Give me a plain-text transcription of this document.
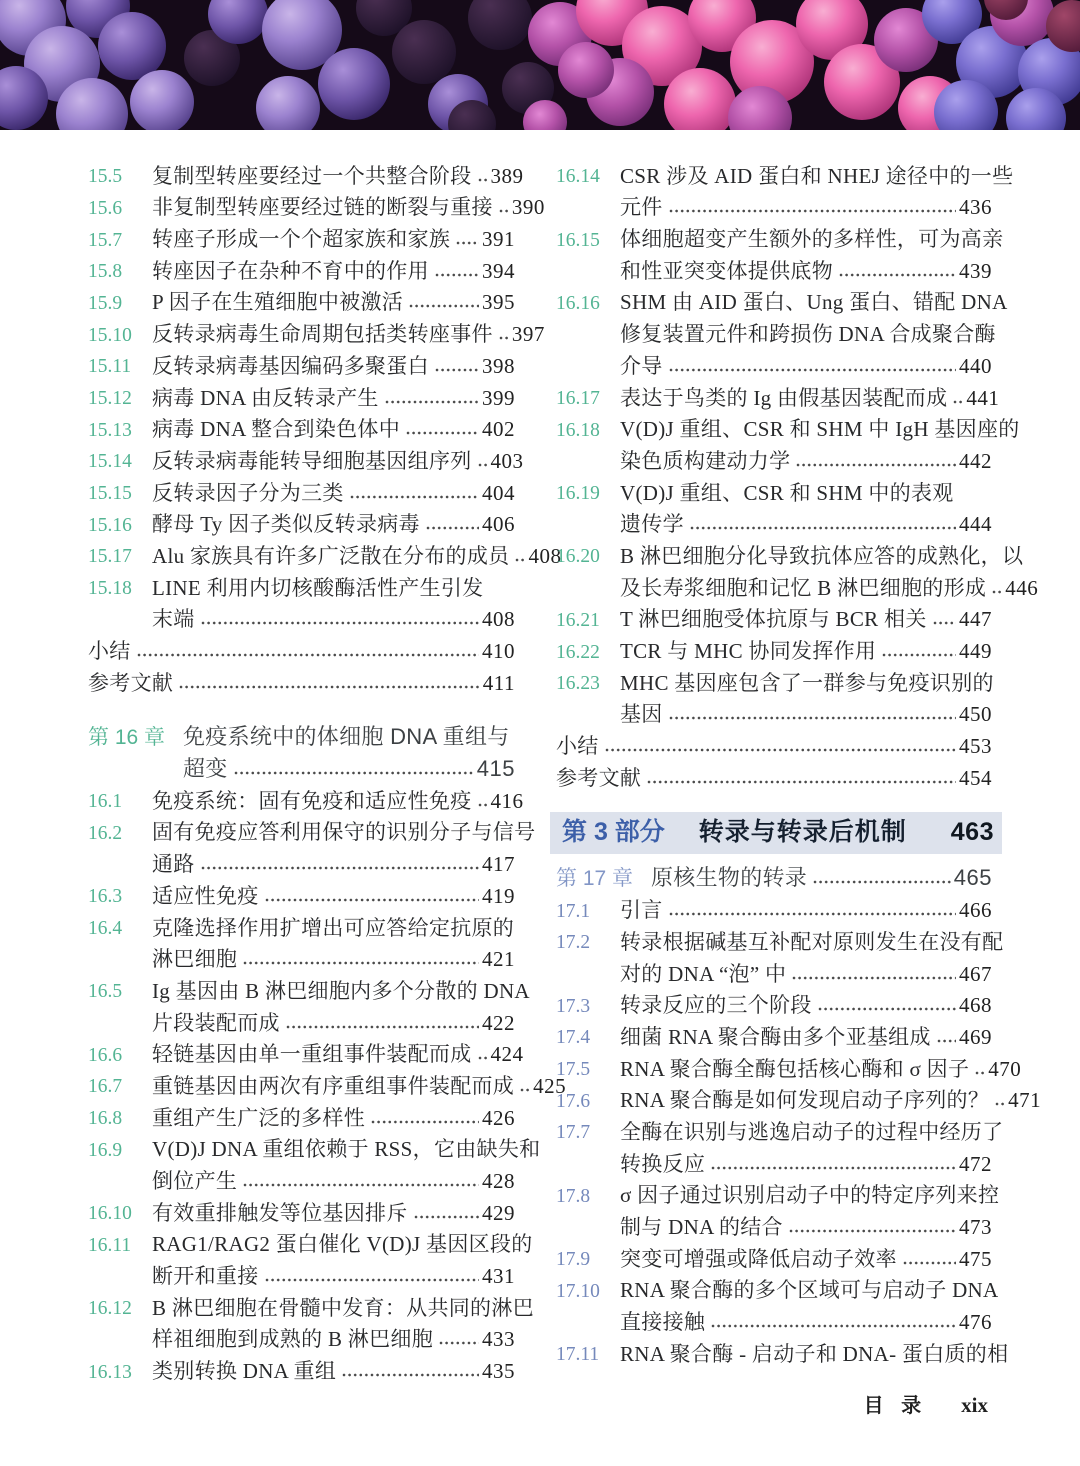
15.5	复制型转座要经过一个共整合阶段 389
15.6	非复制型转座要经过链的断裂与重接 390
15.7	转座子形成一个个超家族和家族 391
15.8	转座因子在杂种不育中的作用	394
15.9	P 因子在生殖细胞中被激活	395
15.10 反转录病毒生命周期包括类转座事件 397
15.11 反转录病毒基因编码多聚蛋白	398
15.12 病毒 DNA 由反转录产生	399
15.13 病毒 DNA 整合到染色体中	402
15.14 反转录病毒能转导细胞基因组序列 403
15.15 反转录因子分为三类	404
15.16 酵母 Ty 因子类似反转录病毒	406
15.17 Alu 家族具有许多广泛散在分布的成员 408
15.18 LINE 利用内切核酸酶活性产生引发
末端	408
小结	410
参考文献	411
第 16 章 免疫系统中的体细胞 DNA 重组与
超变	415
16.1	免疫系统：固有免疫和适应性免疫 416
16.2	固有免疫应答利用保守的识别分子与信号
通路	417
16.3	适应性免疫	419
16.4	克隆选择作用扩增出可应答给定抗原的
淋巴细胞	421
16.5	Ig 基因由 B 淋巴细胞内多个分散的 DNA
片段装配而成	422
16.6	轻链基因由单一重组事件装配而成 424
16.7	重链基因由两次有序重组事件装配而成 425
16.8	重组产生广泛的多样性	426
16.9	V(D)J DNA 重组依赖于 RSS，它由缺失和
倒位产生	428
16.10 有效重排触发等位基因排斥	429
16.11 RAG1/RAG2 蛋白催化 V(D)J 基因区段的
断开和重接	431
16.12 B 淋巴细胞在骨髓中发育：从共同的淋巴
样祖细胞到成熟的 B 淋巴细胞 433
16.13 类别转换 DNA 重组	435
16.14 CSR 涉及 AID 蛋白和 NHEJ 途径中的一些
元件	436
16.15 体细胞超变产生额外的多样性，可为高亲
和性亚突变体提供底物	439
16.16 SHM 由 AID 蛋白、Ung 蛋白、错配 DNA
修复装置元件和跨损伤 DNA 合成聚合酶
介导	440
16.17 表达于鸟类的 Ig 由假基因装配而成 441
16.18 V(D)J 重组、CSR 和 SHM 中 IgH 基因座的
染色质构建动力学	442
16.19 V(D)J 重组、CSR 和 SHM 中的表观
遗传学	444
16.20 B 淋巴细胞分化导致抗体应答的成熟化，以
及长寿浆细胞和记忆 B 淋巴细胞的形成 446
16.21 T 淋巴细胞受体抗原与 BCR 相关 447
16.22 TCR 与 MHC 协同发挥作用	449
16.23 MHC 基因座包含了一群参与免疫识别的
基因	450
小结	453
参考文献	454
第 3 部分 转录与转录后机制 463
第 17 章 原核生物的转录	465
17.1	引言	466
17.2	转录根据碱基互补配对原则发生在没有配
对的 DNA “泡” 中	467
17.3	转录反应的三个阶段	468
17.4	细菌 RNA 聚合酶由多个亚基组成 469
17.5	RNA 聚合酶全酶包括核心酶和 σ 因子 470
17.6	RNA 聚合酶是如何发现启动子序列的？ 471
17.7	全酶在识别与逃逸启动子的过程中经历了
转换反应	472
17.8	σ 因子通过识别启动子中的特定序列来控
制与 DNA 的结合	473
17.9	突变可增强或降低启动子效率	475
17.10 RNA 聚合酶的多个区域可与启动子 DNA
直接接触	476
17.11 RNA 聚合酶 - 启动子和 DNA- 蛋白质的相
目 录 xix
